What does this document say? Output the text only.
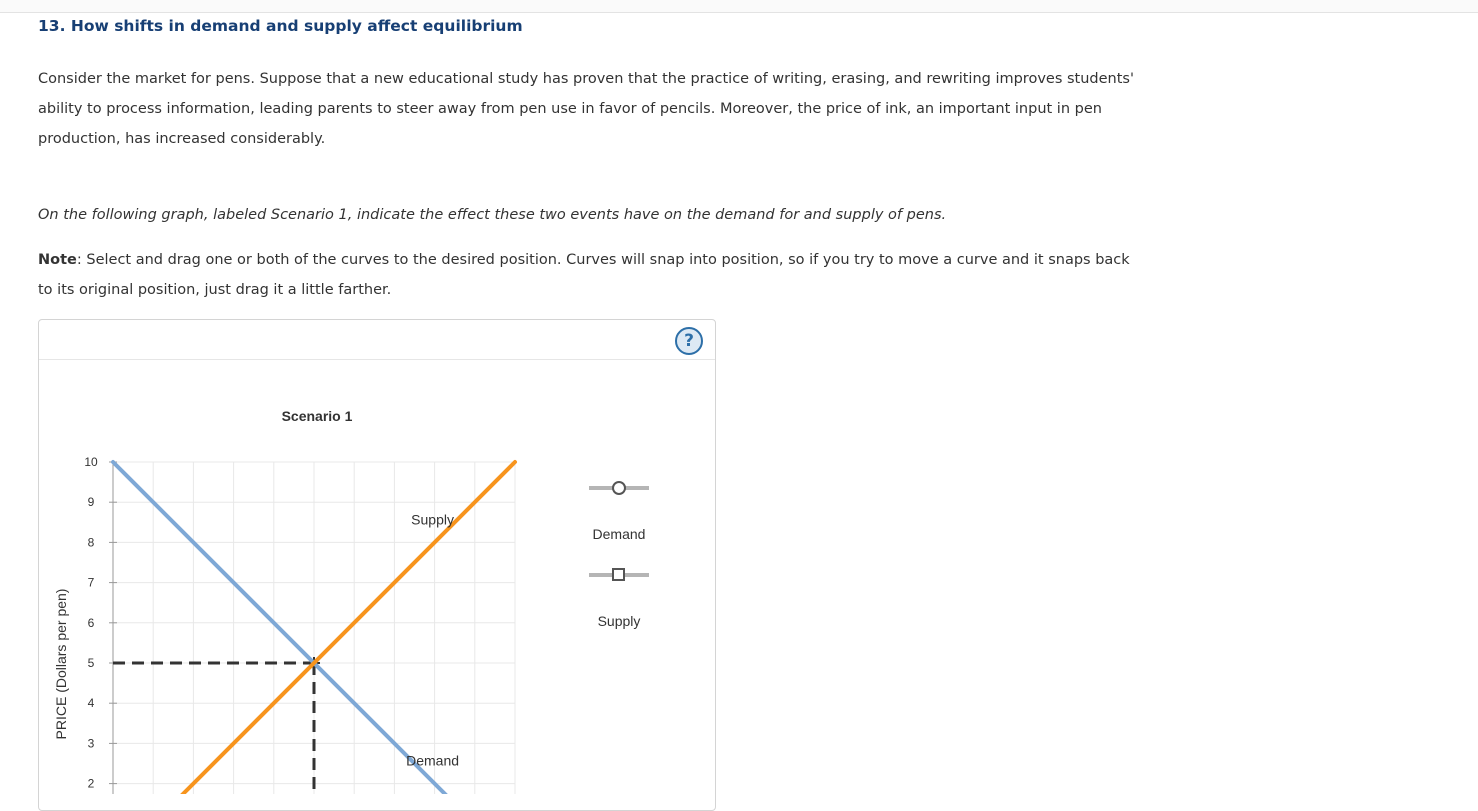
13. How shifts in demand and supply affect equilibrium
Consider the market for pens. Suppose that a new educational study has proven that the practice of writing, erasing, and rewriting improves students'
ability to process information, leading parents to steer away from pen use in favor of pencils. Moreover, the price of ink, an important input in pen
production, has increased considerably.
On the following graph, labeled Scenario 1, indicate the effect these two events have on the demand for and supply of pens.
Note: Select and drag one or both of the curves to the desired position. Curves will snap into position, so if you try to move a curve and it snaps back
to its original position, just drag it a little farther.
?
Scenario 1
PRICE (Dollars per pen)
2
3
4
5
6
7
8
9
10
Demand
Supply
Demand
Supply
